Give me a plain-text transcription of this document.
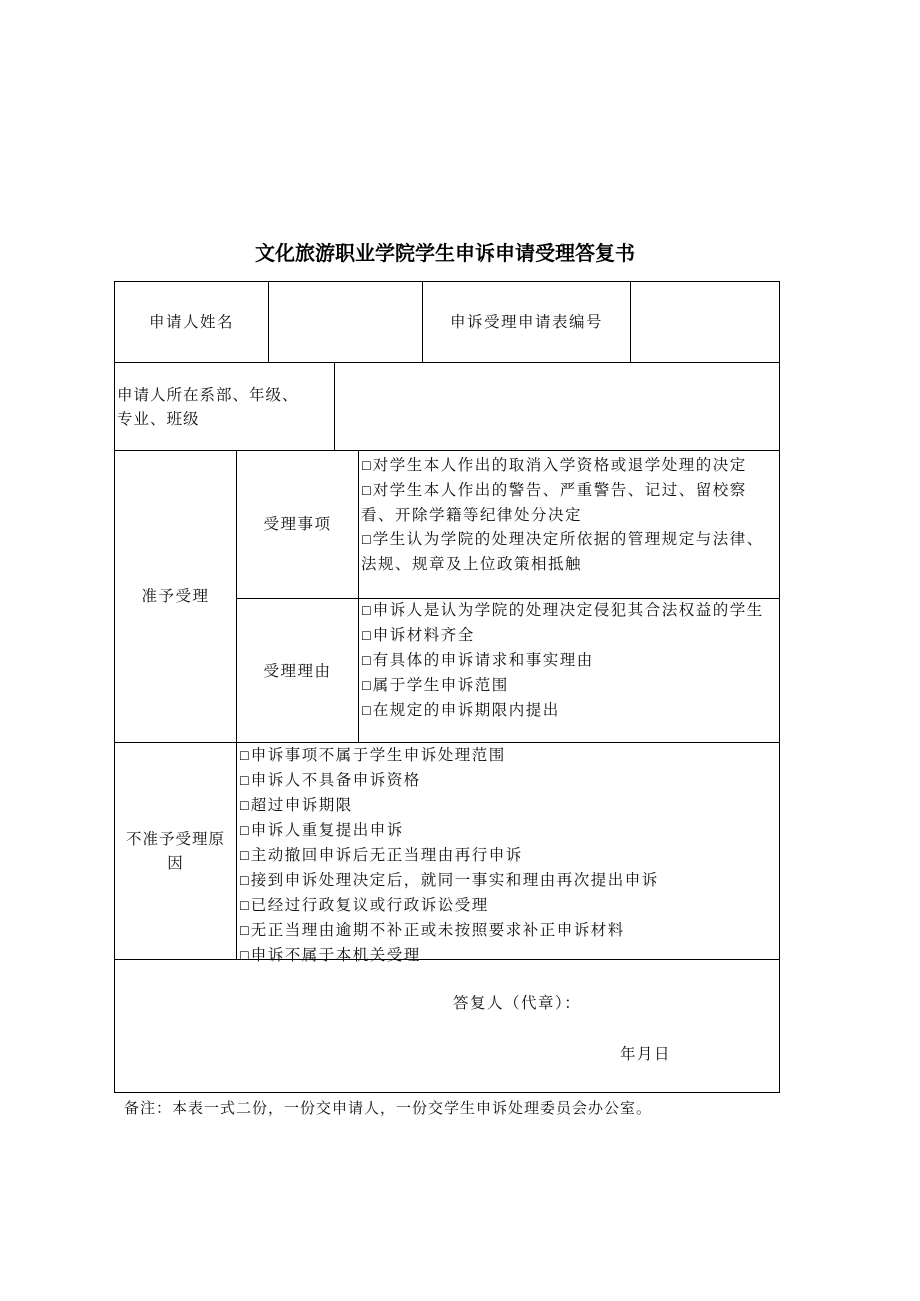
文化旅游职业学院学生申诉申请受理答复书
申请人姓名	申诉受理申请表编号
申请人所在系部、年级、
专业、班级
准予受理
受理事项
☐对学生本人作出的取消入学资格或退学处理的决定
☐对学生本人作出的警告、严重警告、记过、留校察看、开除学籍等纪律处分决定
☐学生认为学院的处理决定所依据的管理规定与法律、法规、规章及上位政策相抵触
受理理由
☐申诉人是认为学院的处理决定侵犯其合法权益的学生
☐申诉材料齐全
☐有具体的申诉请求和事实理由
☐属于学生申诉范围
☐在规定的申诉期限内提出
不准予受理原
因
☐申诉事项不属于学生申诉处理范围
☐申诉人不具备申诉资格
☐超过申诉期限
☐申诉人重复提出申诉
☐主动撤回申诉后无正当理由再行申诉
☐接到申诉处理决定后，就同一事实和理由再次提出申诉
☐已经过行政复议或行政诉讼受理
☐无正当理由逾期不补正或未按照要求补正申诉材料
☐申诉不属于本机关受理
答复人（代章）：
年月日
备注：本表一式二份，一份交申请人，一份交学生申诉处理委员会办公室。
